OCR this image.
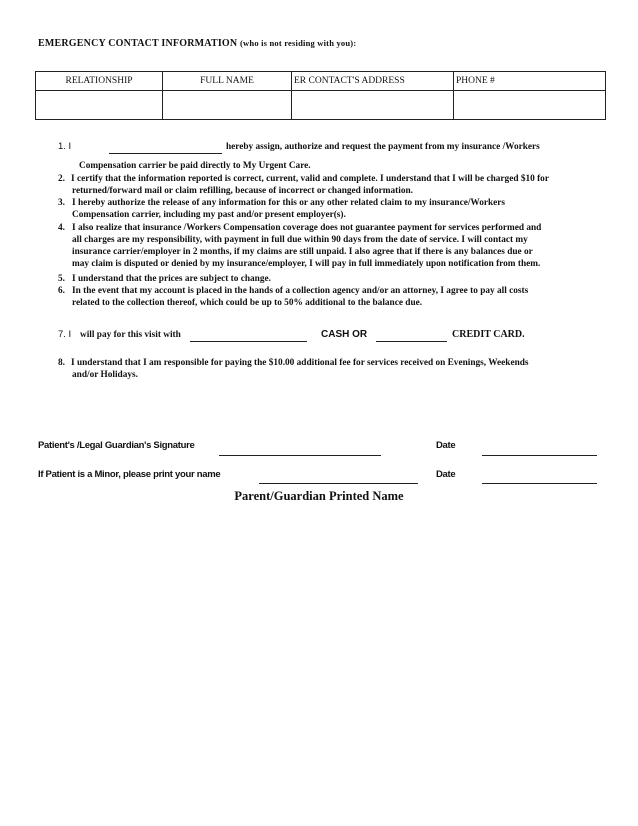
EMERGENCY CONTACT INFORMATION (who is not residing with you):
RELATIONSHIP	FULL NAME	ER CONTACT'S ADDRESS	PHONE #

1. I	hereby assign, authorize and request the payment from my insurance /Workers
Compensation carrier be paid directly to My Urgent Care.
2. I certify that the information reported is correct, current, valid and complete. I understand that I will be charged $10 for
returned/forward mail or claim refilling, because of incorrect or changed information.
3. I hereby authorize the release of any information for this or any other related claim to my insurance/Workers
Compensation carrier, including my past and/or present employer(s).
4. I also realize that insurance /Workers Compensation coverage does not guarantee payment for services performed and
all charges are my responsibility, with payment in full due within 90 days from the date of service. I will contact my
insurance carrier/employer in 2 months, if my claims are still unpaid. I also agree that if there is any balances due or
may claim is disputed or denied by my insurance/employer, I will pay in full immediately upon notification from them.
5. I understand that the prices are subject to change.
6. In the event that my account is placed in the hands of a collection agency and/or an attorney, I agree to pay all costs
related to the collection thereof, which could be up to 50% additional to the balance due.
7. I will pay for this visit with	CASH OR	CREDIT CARD.
8. I understand that I am responsible for paying the $10.00 additional fee for services received on Evenings, Weekends
and/or Holidays.
Patient's /Legal Guardian's Signature	Date
If Patient is a Minor, please print your name	Date
Parent/Guardian Printed Name
